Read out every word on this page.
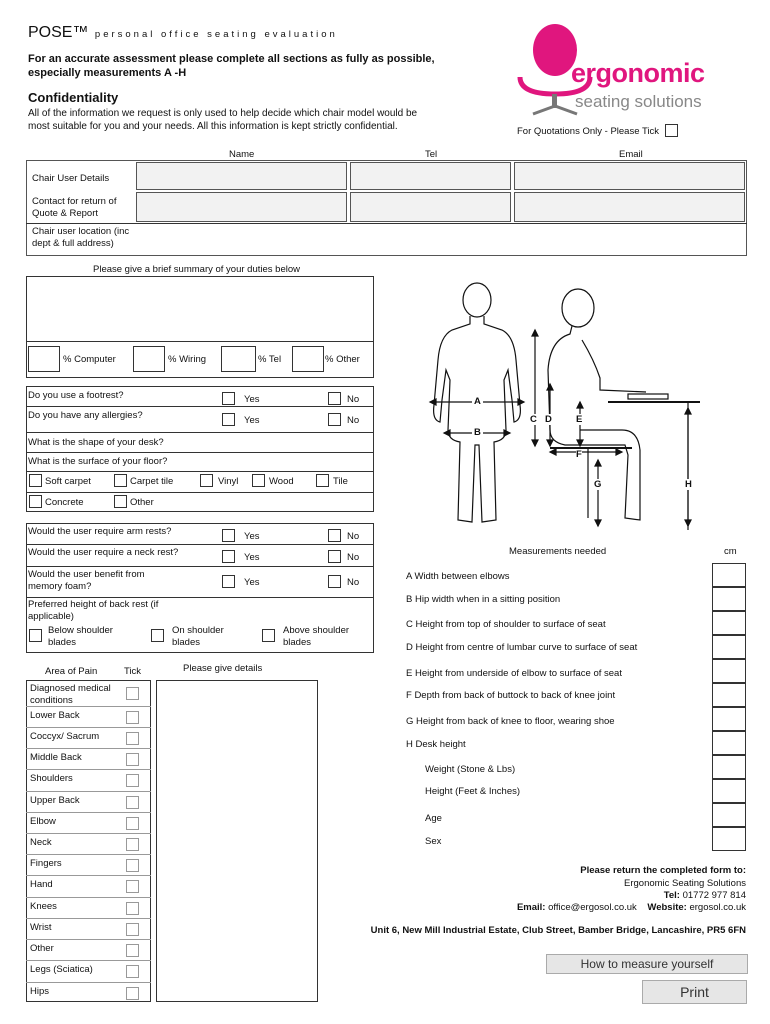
POSE™ personal office seating evaluation
For an accurate assessment please complete all sections as fully as possible, especially measurements A -H
Confidentiality
All of the information we request is only used to help decide which chair model would be most suitable for you and your needs. All this information is kept strictly confidential.
ergonomic
seating solutions
For Quotations Only - Please Tick
Name	Tel	Email
Chair User Details
Contact for return of Quote & Report
Chair user location (inc dept & full address)
Please give a brief summary of your duties below
% Computer	% Wiring	% Tel	% Other
Do you use a footrest?	Yes	No
Do you have any allergies?	Yes	No
What is the shape of your desk?
What is the surface of your floor?
Soft carpet	Carpet tile	Vinyl	Wood	Tile
Concrete	Other
Would the user require arm rests?	Yes	No
Would the user require a neck rest?	Yes	No
Would the user benefit from memory foam?	Yes	No
Preferred height of back rest (if applicable)
Below shoulder blades
On shoulder blades
Above shoulder blades
Area of Pain	Tick	Please give details
Diagnosed medical conditions
Lower Back
Coccyx/ Sacrum
Middle Back
Shoulders
Upper Back
Elbow
Neck
Fingers
Hand
Knees
Wrist
Other
Legs (Sciatica)
Hips
A
B
C D	E
F
G	H
Measurements needed	cm
A Width between elbows
B Hip width when in a sitting position
C Height from top of shoulder to surface of seat
D Height from centre of lumbar curve to surface of seat
E Height from underside of elbow to surface of seat
F Depth from back of buttock to back of knee joint
G Height from back of knee to floor, wearing shoe
H Desk height
Weight (Stone & Lbs)
Height (Feet & Inches)
Age
Sex
Please return the completed form to:
Ergonomic Seating Solutions
Tel: 01772 977 814
Email: office@ergosol.co.uk Website: ergosol.co.uk
Unit 6, New Mill Industrial Estate, Club Street, Bamber Bridge, Lancashire, PR5 6FN
How to measure yourself
Print
